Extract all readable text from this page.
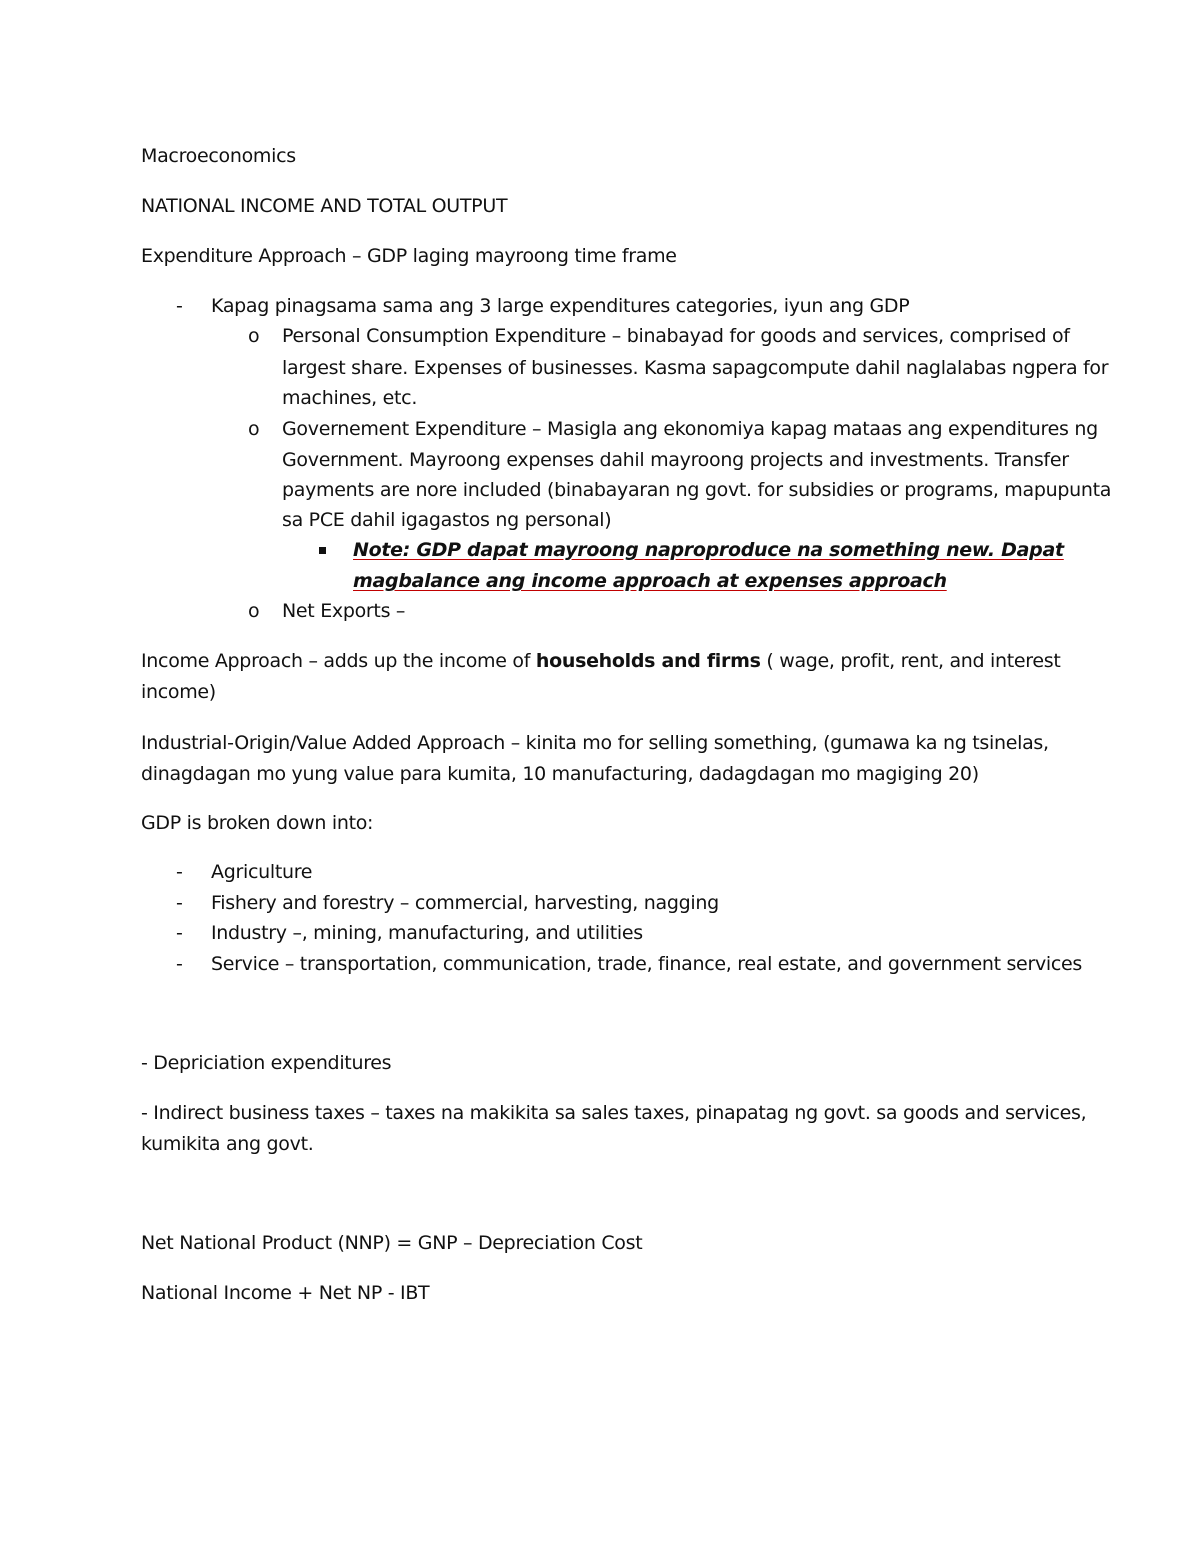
Macroeconomics
NATIONAL INCOME AND TOTAL OUTPUT
Expenditure Approach – GDP laging mayroong time frame
- Kapag pinagsama sama ang 3 large expenditures categories, iyun ang GDP
o Personal Consumption Expenditure – binabayad for goods and services, comprised of
largest share. Expenses of businesses. Kasma sapagcompute dahil naglalabas ngpera for
machines, etc.
o Governement Expenditure – Masigla ang ekonomiya kapag mataas ang expenditures ng
Government. Mayroong expenses dahil mayroong projects and investments. Transfer
payments are nore included (binabayaran ng govt. for subsidies or programs, mapupunta
sa PCE dahil igagastos ng personal)
Note: GDP dapat mayroong naproproduce na something new. Dapat
magbalance ang income approach at expenses approach
o Net Exports –
Income Approach – adds up the income of households and firms ( wage, profit, rent, and interest
income)
Industrial-Origin/Value Added Approach – kinita mo for selling something, (gumawa ka ng tsinelas,
dinagdagan mo yung value para kumita, 10 manufacturing, dadagdagan mo magiging 20)
GDP is broken down into:
- Agriculture
- Fishery and forestry – commercial, harvesting, nagging
- Industry –, mining, manufacturing, and utilities
- Service – transportation, communication, trade, finance, real estate, and government services
- Depriciation expenditures
- Indirect business taxes – taxes na makikita sa sales taxes, pinapatag ng govt. sa goods and services,
kumikita ang govt.
Net National Product (NNP) = GNP – Depreciation Cost
National Income + Net NP - IBT
